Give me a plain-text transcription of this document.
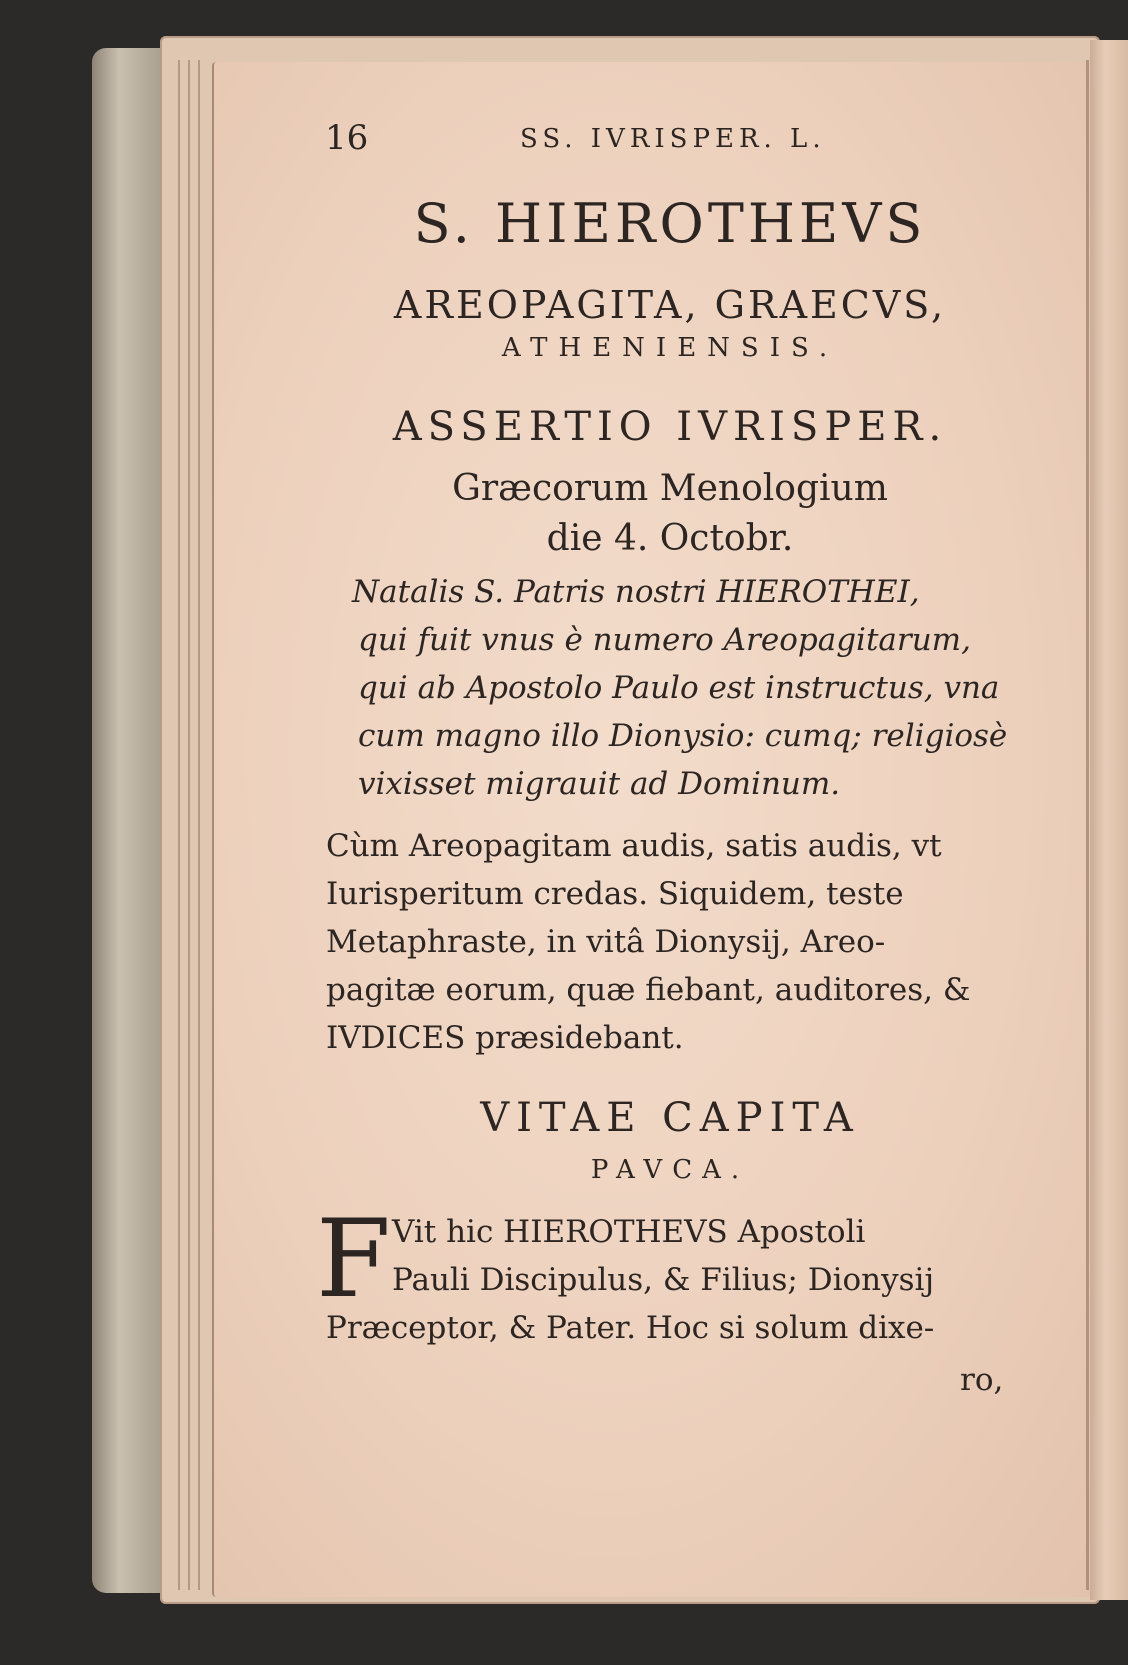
16	SS. IVRISPER. L.
S. HIEROTHEVS
AREOPAGITA, GRAECVS,
ATHENIENSIS.
ASSERTIO IVRISPER.
Græcorum Menologium
die 4. Octobr.
Natalis S. Patris nostri HIEROTHEI,
qui fuit vnus è numero Areopagitarum,
qui ab Apostolo Paulo est instructus, vna
cum magno illo Dionysio: cumq; religiosè
vixisset migrauit ad Dominum.
Cùm Areopagitam audis, satis audis, vt
Iurisperitum credas. Siquidem, teste
Metaphraste, in vitâ Dionysij, Areo-
pagitæ eorum, quæ fiebant, auditores, &
IVDICES præsidebant.
VITAE CAPITA
PAVCA.
F Vit hic HIEROTHEVS Apostoli
Pauli Discipulus, & Filius; Dionysij
Præceptor, & Pater. Hoc si solum dixe-
ro,
